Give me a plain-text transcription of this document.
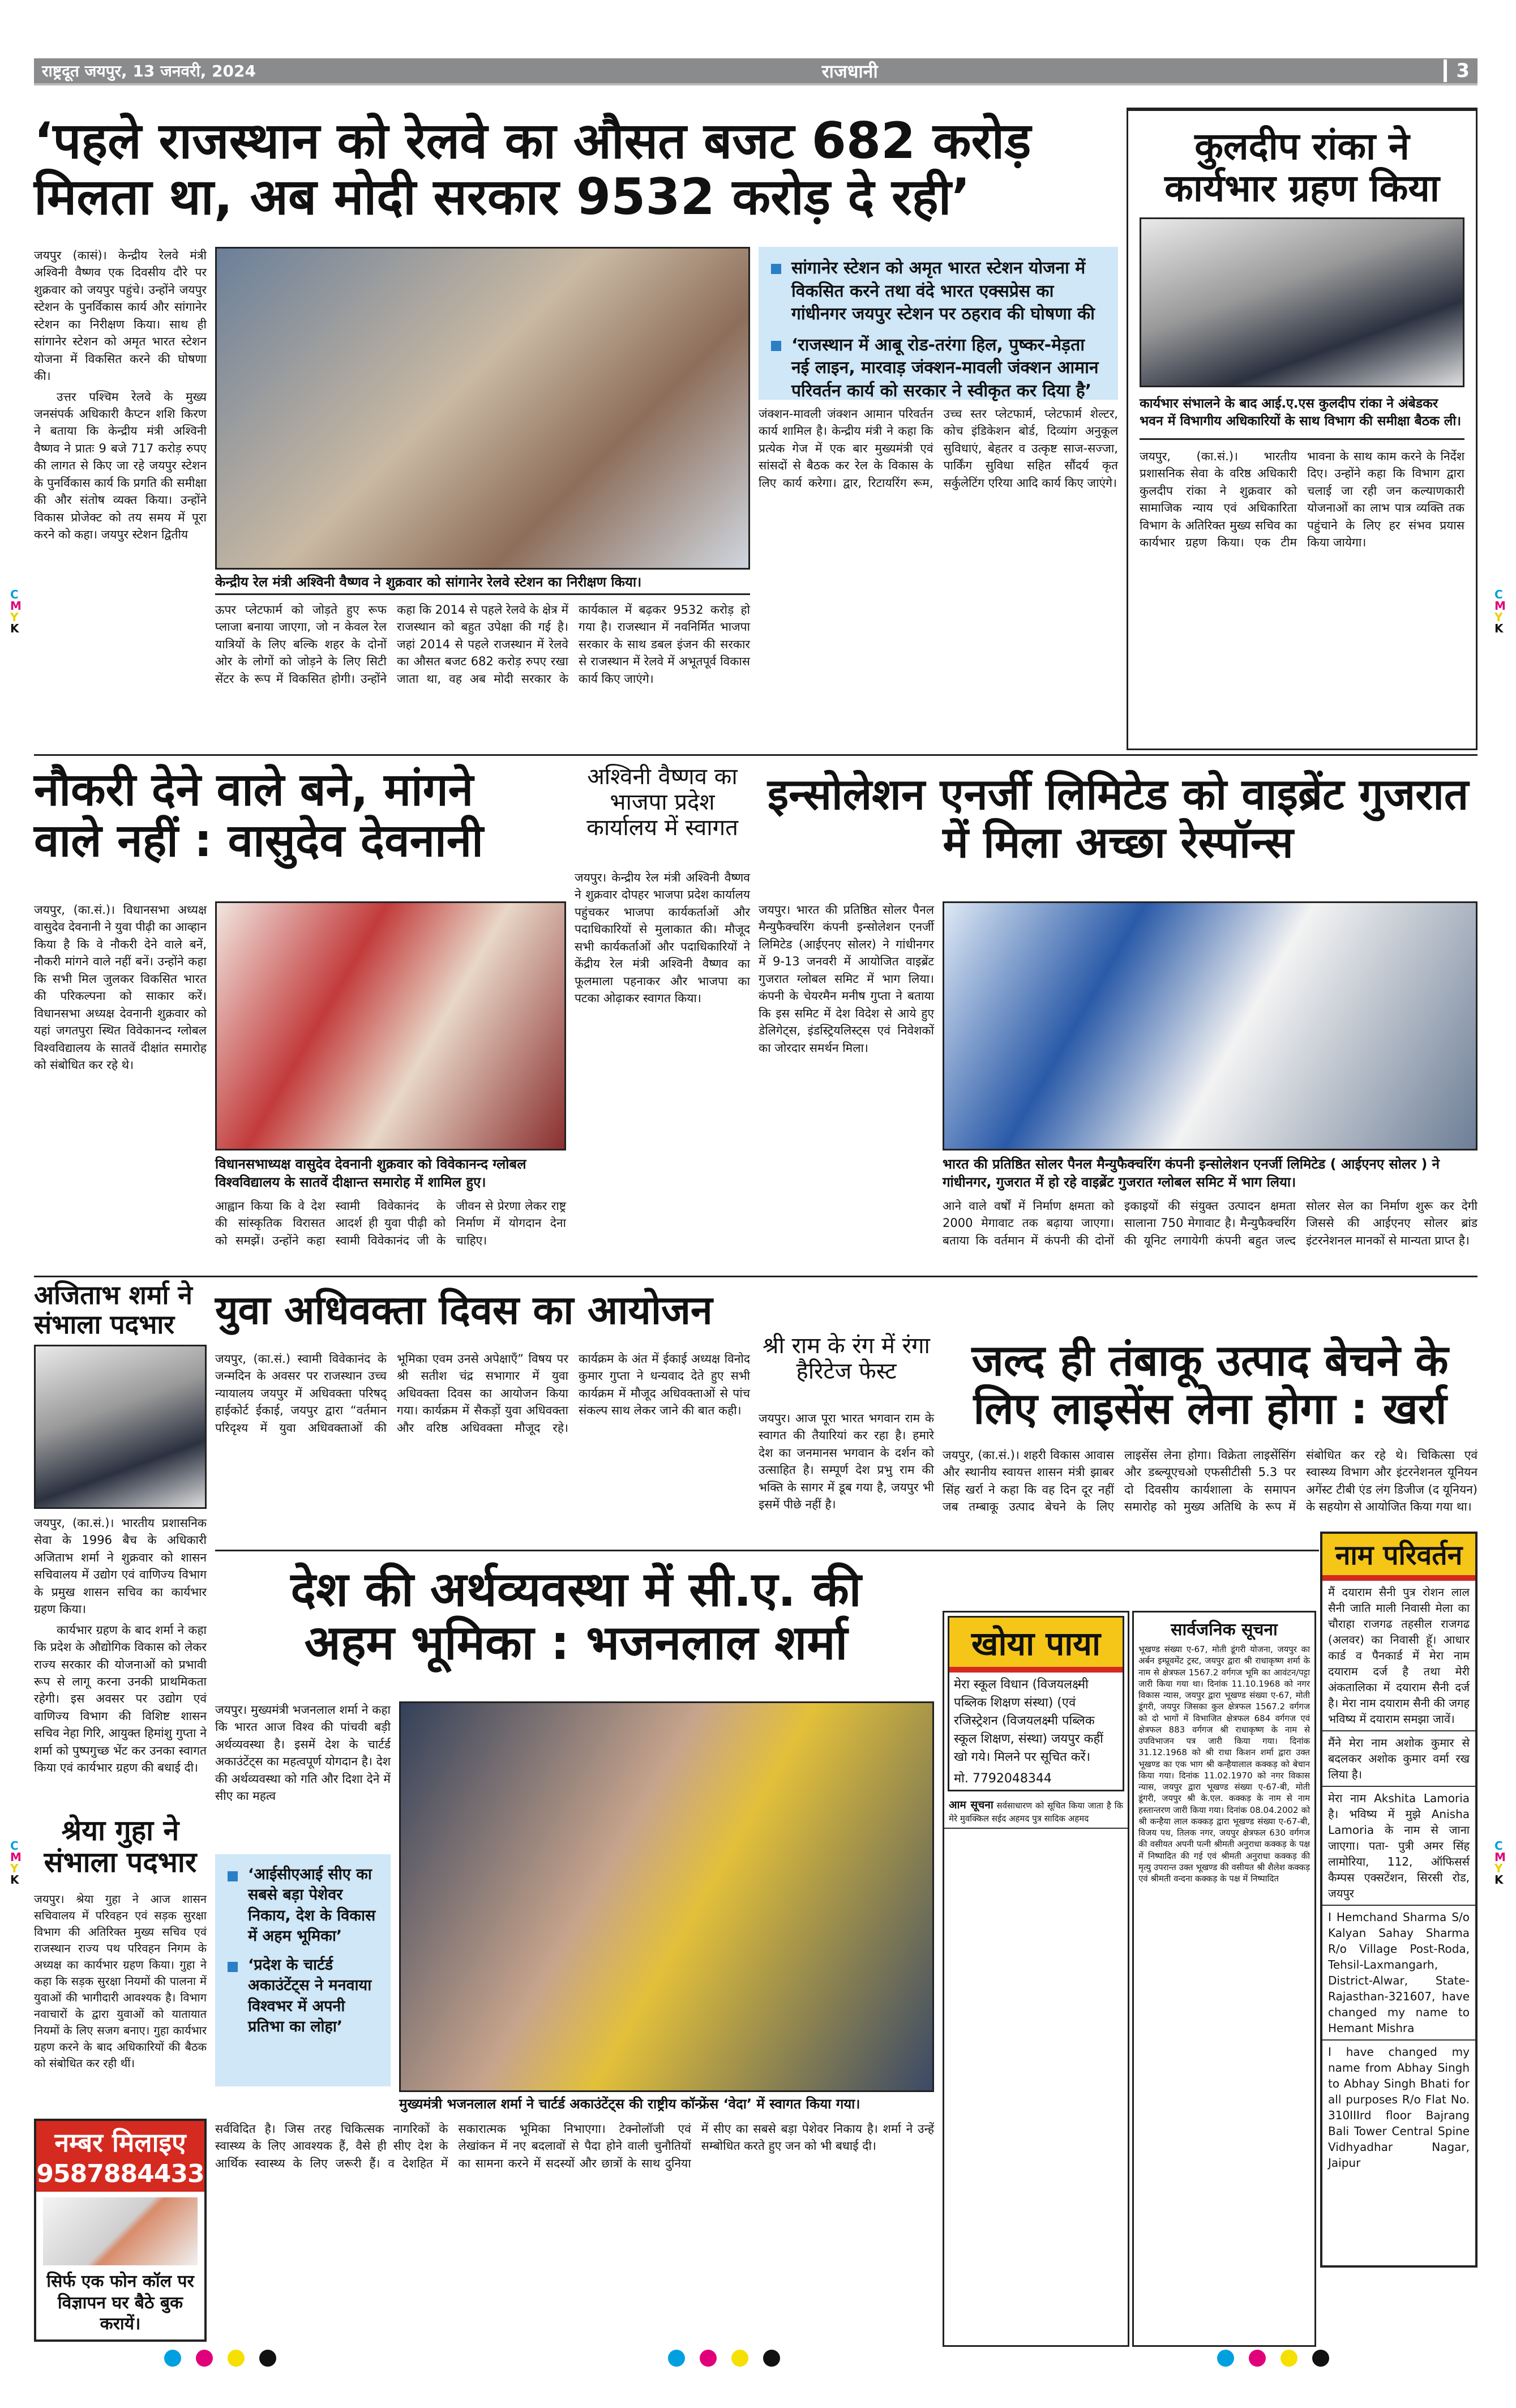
राष्ट्रदूत जयपुर, 13 जनवरी, 2024	राजधानी	3
‘पहले राजस्थान को रेलवे का औसत बजट 682 करोड़
मिलता था, अब मोदी सरकार 9532 करोड़ दे रही’

जयपुर (कासं)। केन्द्रीय रेलवे मंत्री अश्विनी वैष्णव एक दिवसीय दौरे पर शुक्रवार को जयपुर पहुंचे। उन्होंने जयपुर स्टेशन के पुनर्विकास कार्य और सांगानेर स्टेशन का निरीक्षण किया। साथ ही सांगानेर स्टेशन को अमृत भारत स्टेशन योजना में विकसित करने की घोषणा की।

उत्तर पश्चिम रेलवे के मुख्य जनसंपर्क अधिकारी कैप्टन शशि किरण ने बताया कि केन्द्रीय मंत्री अश्विनी वैष्णव ने प्रातः 9 बजे 717 करोड़ रुपए की लागत से किए जा रहे जयपुर स्टेशन के पुनर्विकास कार्य कि प्रगति की समीक्षा की और संतोष व्यक्त किया। उन्होंने विकास प्रोजेक्ट को तय समय में पूरा करने को कहा। जयपुर स्टेशन द्वितीय

केन्द्रीय रेल मंत्री अश्विनी वैष्णव ने शुक्रवार को सांगानेर रेलवे स्टेशन का निरीक्षण किया।
सांगानेर स्टेशन को अमृत भारत स्टेशन योजना में विकसित करने तथा वंदे भारत एक्सप्रेस का गांधीनगर जयपुर स्टेशन पर ठहराव की घोषणा की
‘राजस्थान में आबू रोड-तरंगा हिल, पुष्कर-मेड़ता नई लाइन, मारवाड़ जंक्शन-मावली जंक्शन आमान परिवर्तन कार्य को सरकार ने स्वीकृत कर दिया है’
जंक्शन-मावली जंक्शन आमान परिवर्तन कार्य शामिल है। केन्द्रीय मंत्री ने कहा कि प्रत्येक गेज में एक बार मुख्यमंत्री एवं सांसदों से बैठक कर रेल के विकास के लिए कार्य करेगा। द्वार, रिटायरिंग रूम, उच्च स्तर प्लेटफार्म, प्लेटफार्म शेल्टर, कोच इंडिकेशन बोर्ड, दिव्यांग अनुकूल सुविधाएं, बेहतर व उत्कृष्ट साज-सज्जा, पार्किंग सुविधा सहित सौंदर्य कृत सर्कुलेटिंग एरिया आदि कार्य किए जाएंगे।
ऊपर प्लेटफार्म को जोड़ते हुए रूफ प्लाजा बनाया जाएगा, जो न केवल रेल यात्रियों के लिए बल्कि शहर के दोनों ओर के लोगों को जोड़ने के लिए सिटी सेंटर के रूप में विकसित होगी। उन्होंने कहा कि 2014 से पहले रेलवे के क्षेत्र में राजस्थान को बहुत उपेक्षा की गई है। जहां 2014 से पहले राजस्थान में रेलवे का औसत बजट 682 करोड़ रुपए रखा जाता था, वह अब मोदी सरकार के कार्यकाल में बढ़कर 9532 करोड़ हो गया है। राजस्थान में नवनिर्मित भाजपा सरकार के साथ डबल इंजन की सरकार से राजस्थान में रेलवे में अभूतपूर्व विकास कार्य किए जाएंगे।
कुलदीप रांका ने कार्यभार ग्रहण किया
कार्यभार संभालने के बाद आई.ए.एस कुलदीप रांका ने अंबेडकर भवन में विभागीय अधिकारियों के साथ विभाग की समीक्षा बैठक ली।
जयपुर, (का.सं.)। भारतीय प्रशासनिक सेवा के वरिष्ठ अधिकारी कुलदीप रांका ने शुक्रवार को सामाजिक न्याय एवं अधिकारिता विभाग के अतिरिक्त मुख्य सचिव का कार्यभार ग्रहण किया। एक टीम भावना के साथ काम करने के निर्देश दिए। उन्होंने कहा कि विभाग द्वारा चलाई जा रही जन कल्याणकारी योजनाओं का लाभ पात्र व्यक्ति तक पहुंचाने के लिए हर संभव प्रयास किया जायेगा।
नौकरी देने वाले बने, मांगने वाले नहीं : वासुदेव देवनानी
जयपुर, (का.सं.)। विधानसभा अध्यक्ष वासुदेव देवनानी ने युवा पीढ़ी का आव्हान किया है कि वे नौकरी देने वाले बनें, नौकरी मांगने वाले नहीं बनें। उन्होंने कहा कि सभी मिल जुलकर विकसित भारत की परिकल्पना को साकार करें। विधानसभा अध्यक्ष देवनानी शुक्रवार को यहां जगतपुरा स्थित विवेकानन्द ग्लोबल विश्वविद्यालय के सातवें दीक्षांत समारोह को संबोधित कर रहे थे।
विधानसभाध्यक्ष वासुदेव देवनानी शुक्रवार को विवेकानन्द ग्लोबल विश्वविद्यालय के सातवें दीक्षान्त समारोह में शामिल हुए।
आह्वान किया कि वे देश की सांस्कृतिक विरासत को समझें। उन्होंने कहा स्वामी विवेकानंद के आदर्श ही युवा पीढ़ी को स्वामी विवेकानंद जी के जीवन से प्रेरणा लेकर राष्ट्र निर्माण में योगदान देना चाहिए।
अश्विनी वैष्णव का भाजपा प्रदेश कार्यालय में स्वागत
जयपुर। केन्द्रीय रेल मंत्री अश्विनी वैष्णव ने शुक्रवार दोपहर भाजपा प्रदेश कार्यालय पहुंचकर भाजपा कार्यकर्ताओं और पदाधिकारियों से मुलाकात की। मौजूद सभी कार्यकर्ताओं और पदाधिकारियों ने केंद्रीय रेल मंत्री अश्विनी वैष्णव का फूलमाला पहनाकर और भाजपा का पटका ओढ़ाकर स्वागत किया।
इन्सोलेशन एनर्जी लिमिटेड को वाइब्रेंट गुजरात में मिला अच्छा रेस्पॉन्स
जयपुर। भारत की प्रतिष्ठित सोलर पैनल मैन्युफैक्चरिंग कंपनी इन्सोलेशन एनर्जी लिमिटेड (आईएनए सोलर) ने गांधीनगर में 9-13 जनवरी में आयोजित वाइब्रेंट गुजरात ग्लोबल समिट में भाग लिया। कंपनी के चेयरमैन मनीष गुप्ता ने बताया कि इस समिट में देश विदेश से आये हुए डेलिगेट्स, इंडस्ट्रियलिस्ट्स एवं निवेशकों का जोरदार समर्थन मिला।
भारत की प्रतिष्ठित सोलर पैनल मैन्युफैक्चरिंग कंपनी इन्सोलेशन एनर्जी लिमिटेड ( आईएनए सोलर ) ने गांधीनगर, गुजरात में हो रहे वाइब्रेंट गुजरात ग्लोबल समिट में भाग लिया।
आने वाले वर्षों में निर्माण क्षमता को 2000 मेगावाट तक बढ़ाया जाएगा। बताया कि वर्तमान में कंपनी की दोनों इकाइयों की संयुक्त उत्पादन क्षमता सालाना 750 मेगावाट है। मैन्युफैक्चरिंग की यूनिट लगायेगी कंपनी बहुत जल्द सोलर सेल का निर्माण शुरू कर देगी जिससे की आईएनए सोलर ब्रांड इंटरनेशनल मानकों से मान्यता प्राप्त है।
अजिताभ शर्मा ने संभाला पदभार

जयपुर, (का.सं.)। भारतीय प्रशासनिक सेवा के 1996 बैच के अधिकारी अजिताभ शर्मा ने शुक्रवार को शासन सचिवालय में उद्योग एवं वाणिज्य विभाग के प्रमुख शासन सचिव का कार्यभार ग्रहण किया।

कार्यभार ग्रहण के बाद शर्मा ने कहा कि प्रदेश के औद्योगिक विकास को लेकर राज्य सरकार की योजनाओं को प्रभावी रूप से लागू करना उनकी प्राथमिकता रहेगी। इस अवसर पर उद्योग एवं वाणिज्य विभाग की विशिष्ट शासन सचिव नेहा गिरि, आयुक्त हिमांशु गुप्ता ने शर्मा को पुष्पगुच्छ भेंट कर उनका स्वागत किया एवं कार्यभार ग्रहण की बधाई दी।

युवा अधिवक्ता दिवस का आयोजन
जयपुर, (का.सं.) स्वामी विवेकानंद के जन्मदिन के अवसर पर राजस्थान उच्च न्यायालय जयपुर में अधिवक्ता परिषद् हाईकोर्ट ईकाई, जयपुर द्वारा “वर्तमान परिदृश्य में युवा अधिवक्ताओं की भूमिका एवम उनसे अपेक्षाएँ” विषय पर श्री सतीश चंद्र सभागार में युवा अधिवक्ता दिवस का आयोजन किया गया। कार्यक्रम में सैकड़ों युवा अधिवक्ता और वरिष्ठ अधिवक्ता मौजूद रहे। कार्यक्रम के अंत में ईकाई अध्यक्ष विनोद कुमार गुप्ता ने धन्यवाद देते हुए सभी कार्यक्रम में मौजूद अधिवक्ताओं से पांच संकल्प साथ लेकर जाने की बात कही।
श्री राम के रंग में रंगा हैरिटेज फेस्ट
जयपुर। आज पूरा भारत भगवान राम के स्वागत की तैयारियां कर रहा है। हमारे देश का जनमानस भगवान के दर्शन को उत्साहित है। सम्पूर्ण देश प्रभु राम की भक्ति के सागर में डूब गया है, जयपुर भी इसमें पीछे नहीं है।
जल्द ही तंबाकू उत्पाद बेचने के लिए लाइसेंस लेना होगा : खर्रा
जयपुर, (का.सं.)। शहरी विकास आवास और स्थानीय स्वायत्त शासन मंत्री झाबर सिंह खर्रा ने कहा कि वह दिन दूर नहीं जब तम्बाकू उत्पाद बेचने के लिए लाइसेंस लेना होगा। विक्रेता लाइसेंसिंग और डब्ल्यूएचओ एफसीटीसी 5.3 पर दो दिवसीय कार्यशाला के समापन समारोह को मुख्य अतिथि के रूप में संबोधित कर रहे थे। चिकित्सा एवं स्वास्थ्य विभाग और इंटरनेशनल यूनियन अगेंस्ट टीबी एंड लंग डिजीज (द यूनियन) के सहयोग से आयोजित किया गया था।
देश की अर्थव्यवस्था में सी.ए. की
अहम भूमिका : भजनलाल शर्मा
जयपुर। मुख्यमंत्री भजनलाल शर्मा ने कहा कि भारत आज विश्व की पांचवी बड़ी अर्थव्यवस्था है। इसमें देश के चार्टर्ड अकाउंटेंट्स का महत्वपूर्ण योगदान है। देश की अर्थव्यवस्था को गति और दिशा देने में सीए का महत्व
‘आईसीएआई सीए का सबसे बड़ा पेशेवर निकाय, देश के विकास में अहम भूमिका’
‘प्रदेश के चार्टर्ड अकाउंटेंट्स ने मनवाया विश्वभर में अपनी प्रतिभा का लोहा’
मुख्यमंत्री भजनलाल शर्मा ने चार्टर्ड अकाउंटेंट्स की राष्ट्रीय कॉन्फ्रेंस ‘वेदा’ में स्वागत किया गया।
सर्वविदित है। जिस तरह चिकित्सक नागरिकों के स्वास्थ्य के लिए आवश्यक हैं, वैसे ही सीए देश के आर्थिक स्वास्थ्य के लिए जरूरी हैं। व देशहित में सकारात्मक भूमिका निभाएगा। टेक्नोलॉजी एवं लेखांकन में नए बदलावों से पैदा होने वाली चुनौतियों का सामना करने में सदस्यों और छात्रों के साथ दुनिया में सीए का सबसे बड़ा पेशेवर निकाय है। शर्मा ने उन्हें सम्बोधित करते हुए जन को भी बधाई दी।
श्रेया गुहा ने संभाला पदभार
जयपुर। श्रेया गुहा ने आज शासन सचिवालय में परिवहन एवं सड़क सुरक्षा विभाग की अतिरिक्त मुख्य सचिव एवं राजस्थान राज्य पथ परिवहन निगम के अध्यक्ष का कार्यभार ग्रहण किया। गुहा ने कहा कि सड़क सुरक्षा नियमों की पालना में युवाओं की भागीदारी आवश्यक है। विभाग नवाचारों के द्वारा युवाओं को यातायात नियमों के लिए सजग बनाए। गुहा कार्यभार ग्रहण करने के बाद अधिकारियों की बैठक को संबोधित कर रही थीं।
नम्बर मिलाइए
9587884433
सिर्फ एक फोन कॉल पर विज्ञापन घर बैठे बुक करायें।
खोया पाया
मेरा स्कूल विधान (विजयलक्ष्मी पब्लिक शिक्षण संस्था) (एवं रजिस्ट्रेशन (विजयलक्ष्मी पब्लिक स्कूल शिक्षण, संस्था) जयपुर कहीं खो गये। मिलने पर सूचित करें।
मो. 7792048344
आम सूचना सर्वसाधारण को सूचित किया जाता है कि मेरे मुवक्किल सईद अहमद पुत्र सादिक अहमद
सार्वजनिक सूचना
भूखण्ड संख्या ए-67, मोती डूंगरी योजना, जयपुर का अर्बन इम्प्रूवमेंट ट्रस्ट, जयपुर द्वारा श्री राधाकृष्ण शर्मा के नाम से क्षेत्रफल 1567.2 वर्गगज भूमि का आवंटन/पट्टा जारी किया गया था। दिनांक 11.10.1968 को नगर विकास न्यास, जयपुर द्वारा भूखण्ड संख्या ए-67, मोती डूंगरी, जयपुर जिसका कुल क्षेत्रफल 1567.2 वर्गगज को दो भागों में विभाजित क्षेत्रफल 684 वर्गगज एवं क्षेत्रफल 883 वर्गगज श्री राधाकृष्ण के नाम से उपविभाजन पत्र जारी किया गया। दिनांक 31.12.1968 को श्री राधा किशन शर्मा द्वारा उक्त भूखण्ड का एक भाग श्री कन्हैयालाल कक्कड़ को बेचान किया गया। दिनांक 11.02.1970 को नगर विकास न्यास, जयपुर द्वारा भूखण्ड संख्या ए-67-बी, मोती डूंगरी, जयपुर श्री के.एल. कक्कड़ के नाम से नाम हस्तान्तरण जारी किया गया। दिनांक 08.04.2002 को श्री कन्हैया लाल कक्कड़ द्वारा भूखण्ड संख्या ए-67-बी, विजय पथ, तिलक नगर, जयपुर क्षेत्रफल 630 वर्गगज की वसीयत अपनी पत्नी श्रीमती अनुराधा कक्कड़ के पक्ष में निष्पादित की गई एवं श्रीमती अनुराधा कक्कड़ की मृत्यु उपरान्त उक्त भूखण्ड की वसीयत श्री शैलेश कक्कड़ एवं श्रीमती वन्दना कक्कड़ के पक्ष में निष्पादित
नाम परिवर्तन
मैं दयाराम सैनी पुत्र रोशन लाल सैनी जाति माली निवासी मेला का चौराहा राजगढ तहसील राजगढ (अलवर) का निवासी हूॅ। आधार कार्ड व पैनकार्ड में मेरा नाम दयाराम दर्ज है तथा मेरी अंकतालिका में दयाराम सैनी दर्ज है। मेरा नाम दयाराम सैनी की जगह भविष्य में दयाराम समझा जावें।
मैंने मेरा नाम अशोक कुमार से बदलकर अशोक कुमार वर्मा रख लिया है।
मेरा नाम Akshita Lamoria है। भविष्य में मुझे Anisha Lamoria के नाम से जाना जाएगा। पता- पुत्री अमर सिंह लामोरिया, 112, ऑफिसर्स कैम्पस एक्सटेंशन, सिरसी रोड, जयपुर
I Hemchand Sharma S/o Kalyan Sahay Sharma R/o Village Post-Roda, Tehsil-Laxmangarh, District-Alwar, State-Rajasthan-321607, have changed my name to Hemant Mishra
I have changed my name from Abhay Singh to Abhay Singh Bhati for all purposes R/o Flat No. 310IIIrd floor Bajrang Bali Tower Central Spine Vidhyadhar Nagar, Jaipur
C
M
Y
K
C
M
Y
K
C
M
Y
K
C
M
Y
K
